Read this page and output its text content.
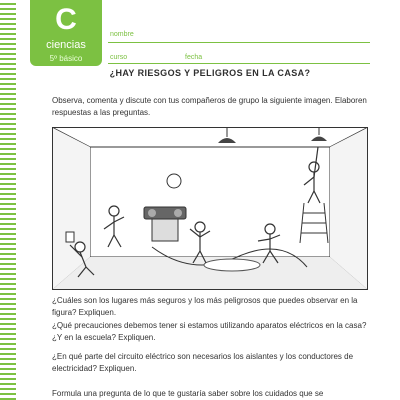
C
ciencias
5º básico
nombre
curso	fecha
¿HAY RIESGOS Y PELIGROS EN LA CASA?
Observa, comenta y discute con tus compañeros de grupo la siguiente imagen. Elaboren respuestas a las preguntas.
¿Cuáles son los lugares más seguros y los más peligrosos que puedes observar en la figura? Expliquen.
¿Qué precauciones debemos tener si estamos utilizando aparatos eléctricos en la casa? ¿Y en la escuela? Expliquen.
¿En qué parte del circuito eléctrico son necesarios los aislantes y los conductores de electricidad? Expliquen.
Formula una pregunta de lo que te gustaría saber sobre los cuidados que se
